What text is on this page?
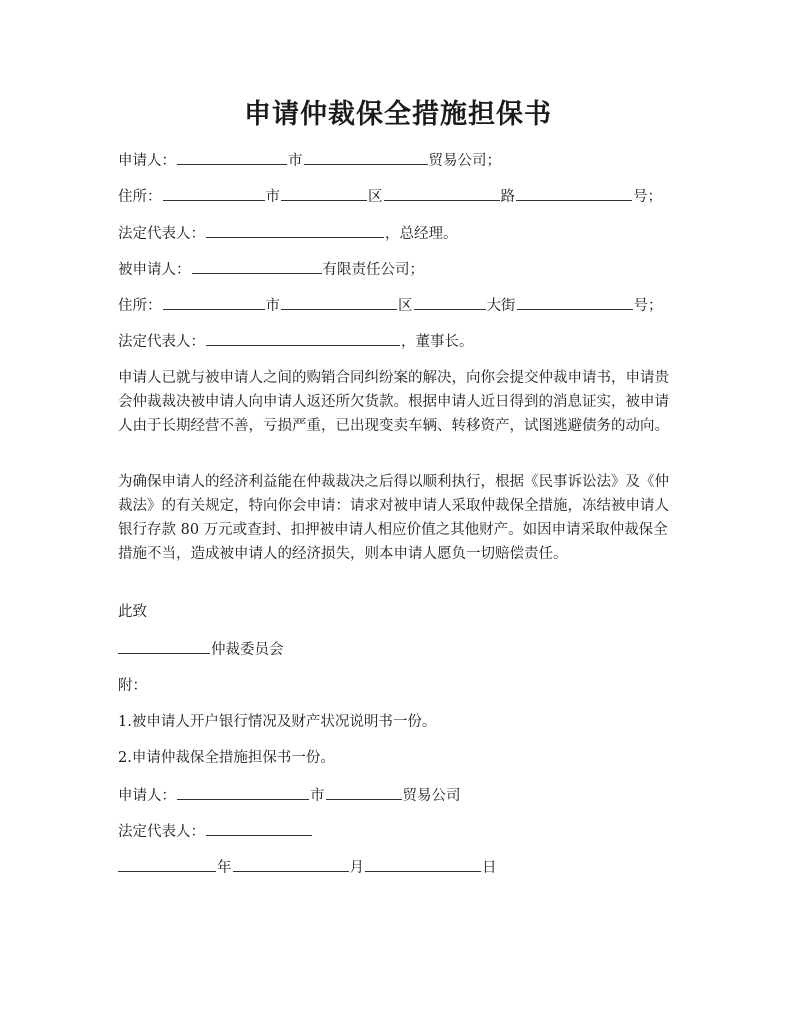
申请仲裁保全措施担保书
申请人：	市	贸易公司；
住所：	市	区	路	号；
法定代表人：	，总经理。
被申请人：	有限责任公司；
住所：	市	区	大街	号；
法定代表人：	，董事长。
申请人已就与被申请人之间的购销合同纠纷案的解决，向你会提交仲裁申请书，申请贵会仲裁裁决被申请人向申请人返还所欠货款。根据申请人近日得到的消息证实，被申请人由于长期经营不善，亏损严重，已出现变卖车辆、转移资产，试图逃避债务的动向。
为确保申请人的经济利益能在仲裁裁决之后得以顺利执行，根据《民事诉讼法》及《仲裁法》的有关规定，特向你会申请：请求对被申请人采取仲裁保全措施，冻结被申请人银行存款 80 万元或查封、扣押被申请人相应价值之其他财产。如因申请采取仲裁保全措施不当，造成被申请人的经济损失，则本申请人愿负一切赔偿责任。
此致
仲裁委员会
附：
1.被申请人开户银行情况及财产状况说明书一份。
2.申请仲裁保全措施担保书一份。
申请人：	市	贸易公司
法定代表人：
年	月	日
